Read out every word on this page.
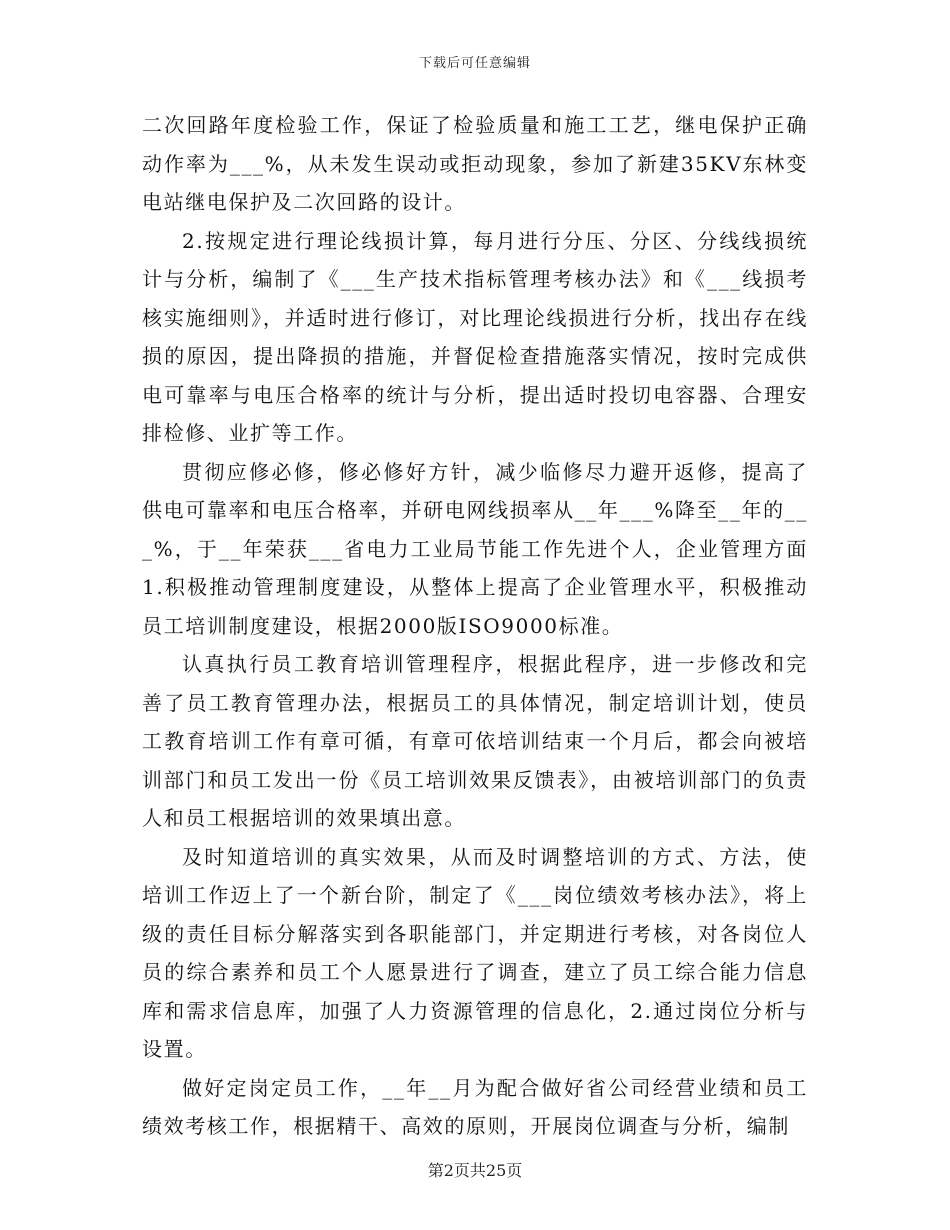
下载后可任意编辑

二次回路年度检验工作，保证了检验质量和施工工艺，继电保护正确动作率为___%，从未发生误动或拒动现象，参加了新建35KV东林变电站继电保护及二次回路的设计。

2.按规定进行理论线损计算，每月进行分压、分区、分线线损统计与分析，编制了《___生产技术指标管理考核办法》和《___线损考核实施细则》，并适时进行修订，对比理论线损进行分析，找出存在线损的原因，提出降损的措施，并督促检查措施落实情况，按时完成供电可靠率与电压合格率的统计与分析，提出适时投切电容器、合理安排检修、业扩等工作。

贯彻应修必修，修必修好方针，减少临修尽力避开返修，提高了供电可靠率和电压合格率，并研电网线损率从__年___%降至__年的___%，于__年荣获___省电力工业局节能工作先进个人，企业管理方面1.积极推动管理制度建设，从整体上提高了企业管理水平，积极推动员工培训制度建设，根据2000版ISO9000标准。

认真执行员工教育培训管理程序，根据此程序，进一步修改和完善了员工教育管理办法，根据员工的具体情况，制定培训计划，使员工教育培训工作有章可循，有章可依培训结束一个月后，都会向被培训部门和员工发出一份《员工培训效果反馈表》，由被培训部门的负责人和员工根据培训的效果填出意。

及时知道培训的真实效果，从而及时调整培训的方式、方法，使培训工作迈上了一个新台阶，制定了《___岗位绩效考核办法》，将上级的责任目标分解落实到各职能部门，并定期进行考核，对各岗位人员的综合素养和员工个人愿景进行了调查，建立了员工综合能力信息库和需求信息库，加强了人力资源管理的信息化，2.通过岗位分析与设置。

做好定岗定员工作，__年__月为配合做好省公司经营业绩和员工绩效考核工作，根据精干、高效的原则，开展岗位调查与分析，编制

第2页共25页
